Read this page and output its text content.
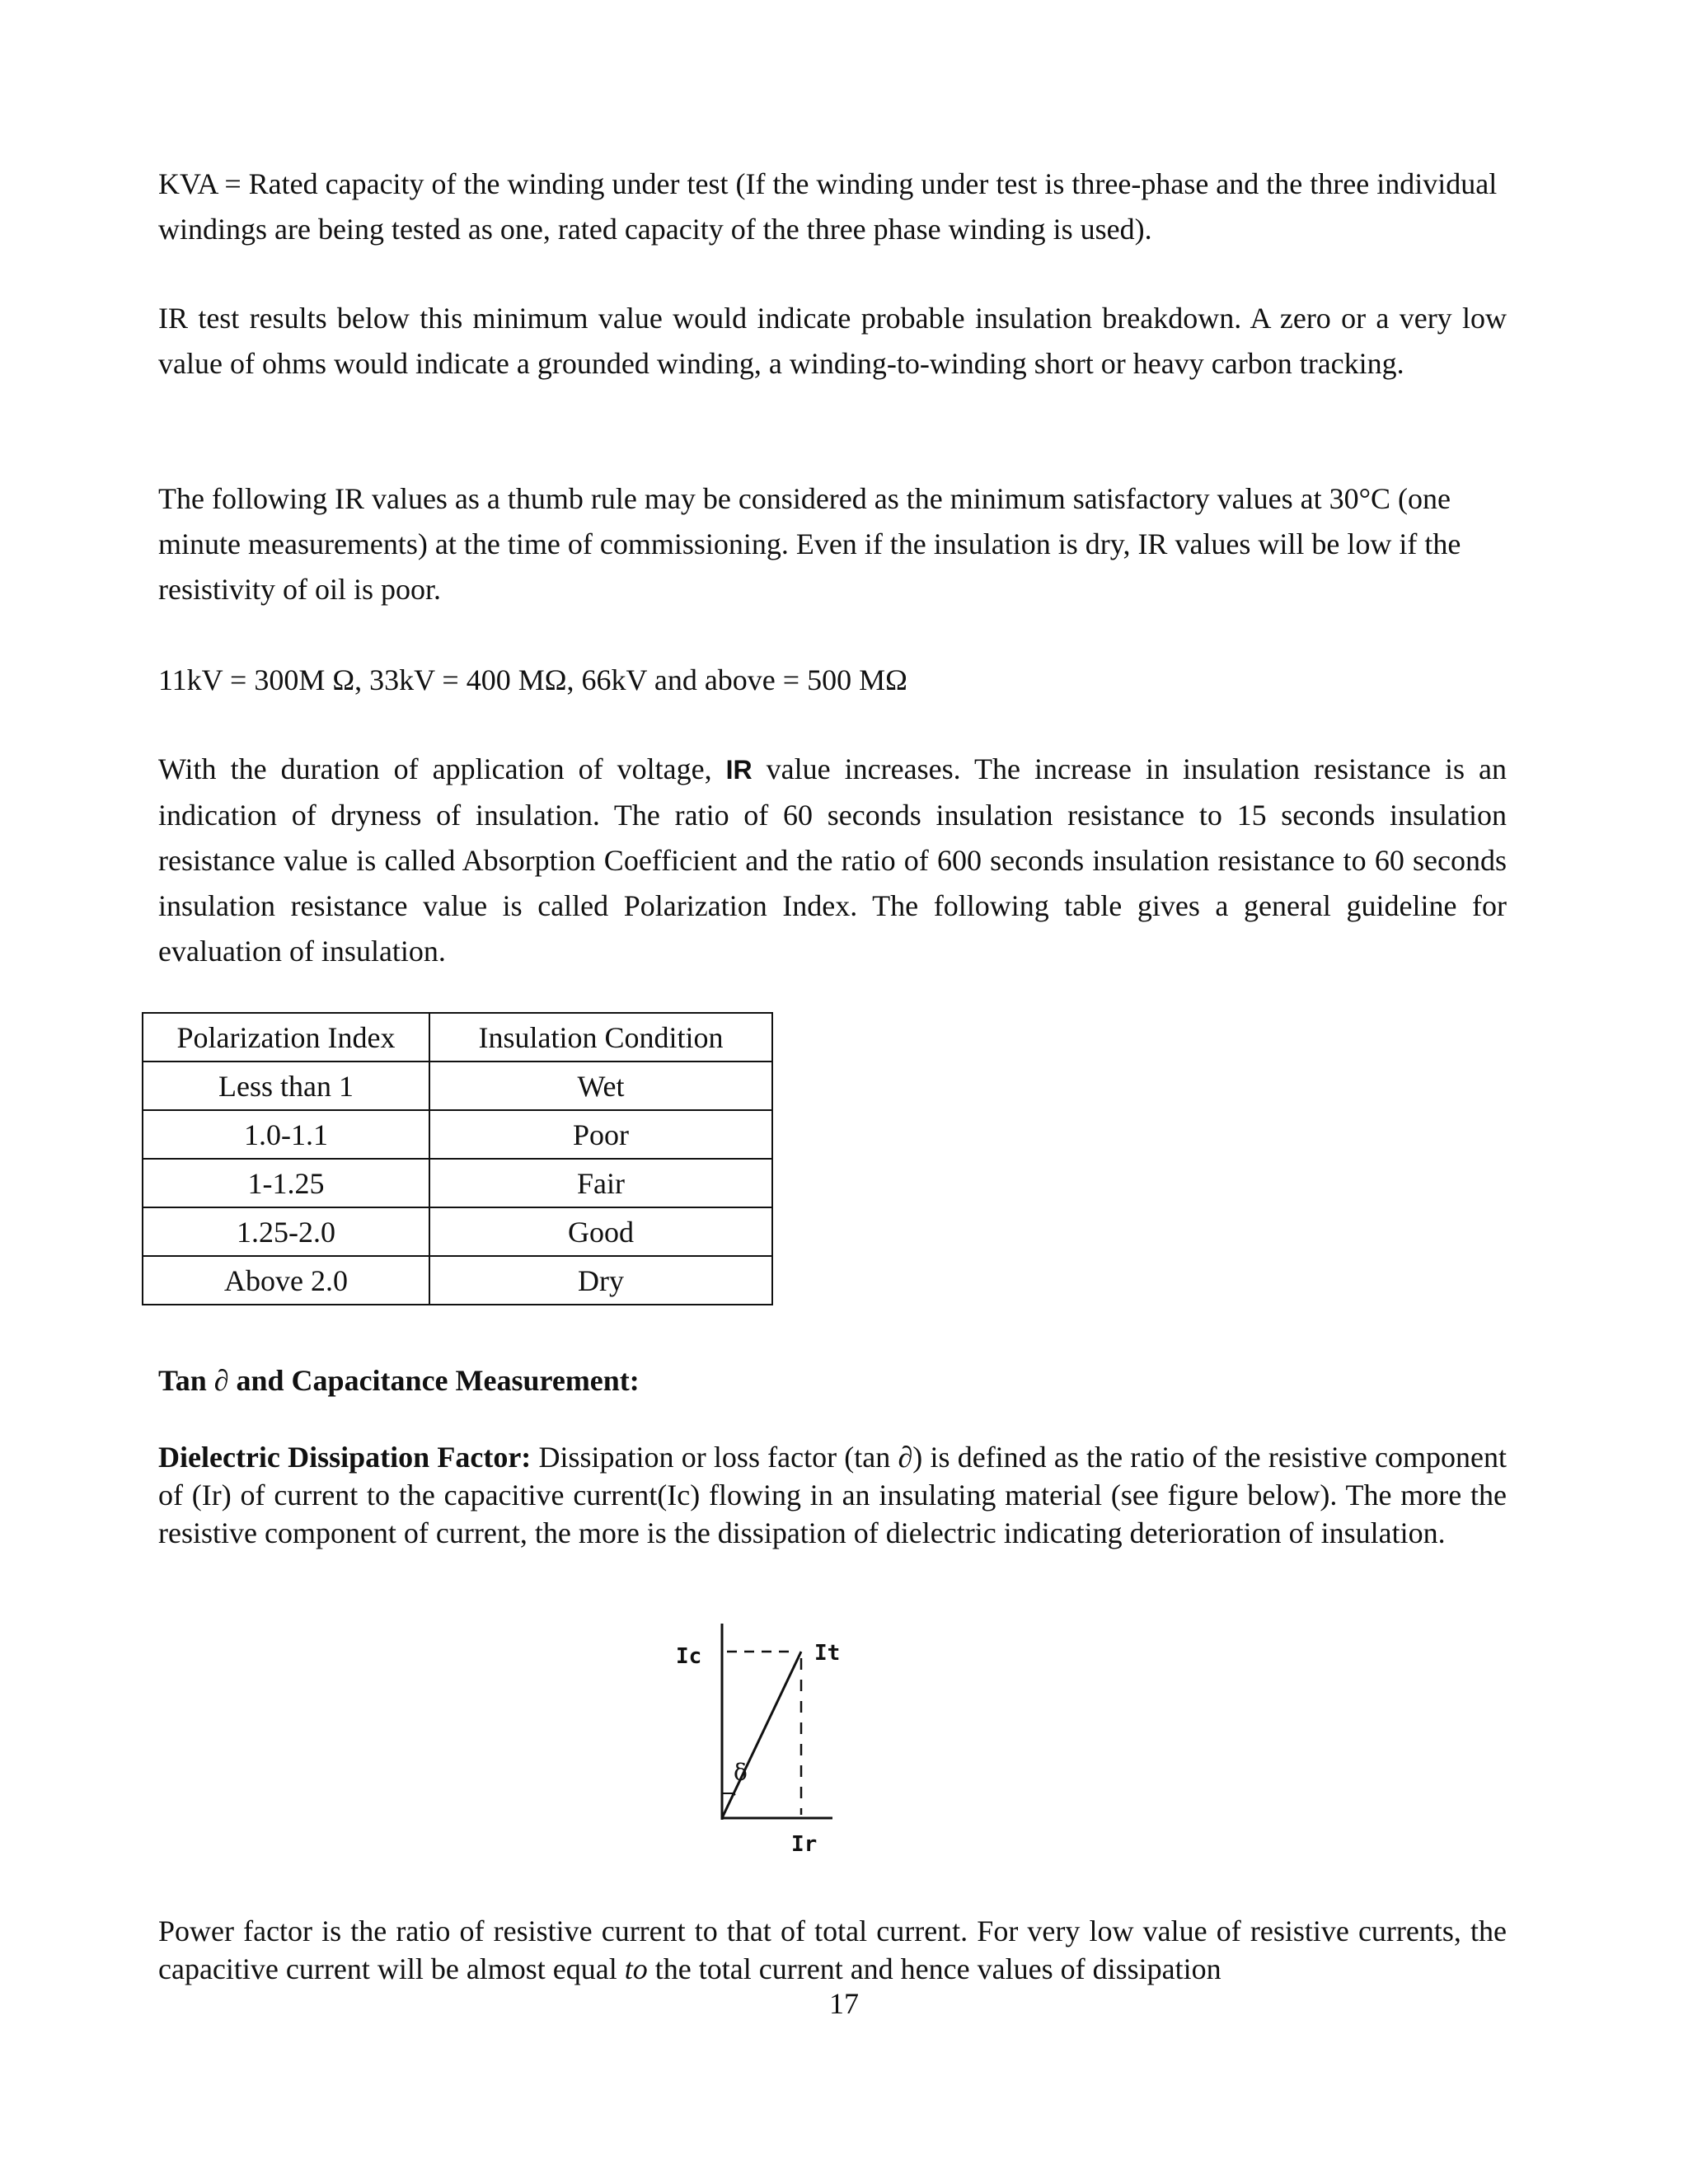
KVA = Rated capacity of the winding under test (If the winding under test is three-phase and the three individual windings are being tested as one, rated capacity of the three phase winding is used).

IR test results below this minimum value would indicate probable insulation breakdown. A zero or a very low value of ohms would indicate a grounded winding, a winding-to-winding short or heavy carbon tracking.

The following IR values as a thumb rule may be considered as the minimum satisfactory values at 30°C (one minute measurements) at the time of commissioning. Even if the insulation is dry, IR values will be low if the resistivity of oil is poor.

11kV = 300M Ω, 33kV = 400 MΩ, 66kV and above = 500 MΩ

With the duration of application of voltage, IR value increases. The increase in insulation resistance is an indication of dryness of insulation. The ratio of 60 seconds insulation resistance to 15 seconds insulation resistance value is called Absorption Coefficient and the ratio of 600 seconds insulation resistance to 60 seconds insulation resistance value is called Polarization Index. The following table gives a general guideline for evaluation of insulation.

Polarization Index	Insulation Condition
Less than 1	Wet
1.0-1.1	Poor
1-1.25	Fair
1.25-2.0	Good
Above 2.0	Dry

Tan ∂ and Capacitance Measurement:

Dielectric Dissipation Factor: Dissipation or loss factor (tan ∂) is defined as the ratio of the resistive component of (Ir) of current to the capacitive current(Ic) flowing in an insulating material (see figure below). The more the resistive component of current, the more is the dissipation of dielectric indicating deterioration of insulation.

Ic	It
δ
Ir

Power factor is the ratio of resistive current to that of total current. For very low value of resistive currents, the capacitive current will be almost equal to the total current and hence values of dissipation

17
